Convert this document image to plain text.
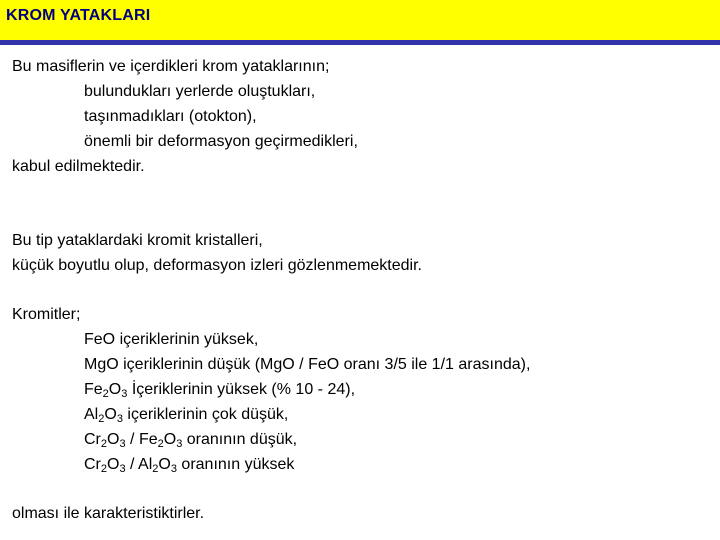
KROM YATAKLARI
Bu masiflerin ve içerdikleri krom yataklarının;
bulundukları yerlerde oluştukları,
taşınmadıkları (otokton),
önemli bir deformasyon geçirmedikleri,
kabul edilmektedir.
Bu tip yataklardaki kromit kristalleri,
küçük boyutlu olup, deformasyon izleri gözlenmemektedir.
Kromitler;
FeO içeriklerinin yüksek,
MgO içeriklerinin düşük (MgO / FeO oranı 3/5 ile 1/1 arasında),
$Fe_2O_3$ İçeriklerinin yüksek (% 10 - 24),
$Al_2O_3$ içeriklerinin çok düşük,
$Cr_2O_3 / Fe_2O_3$ oranının düşük,
$Cr_2O_3 / Al_2O_3$ oranının yüksek
olması ile karakteristiktirler.
